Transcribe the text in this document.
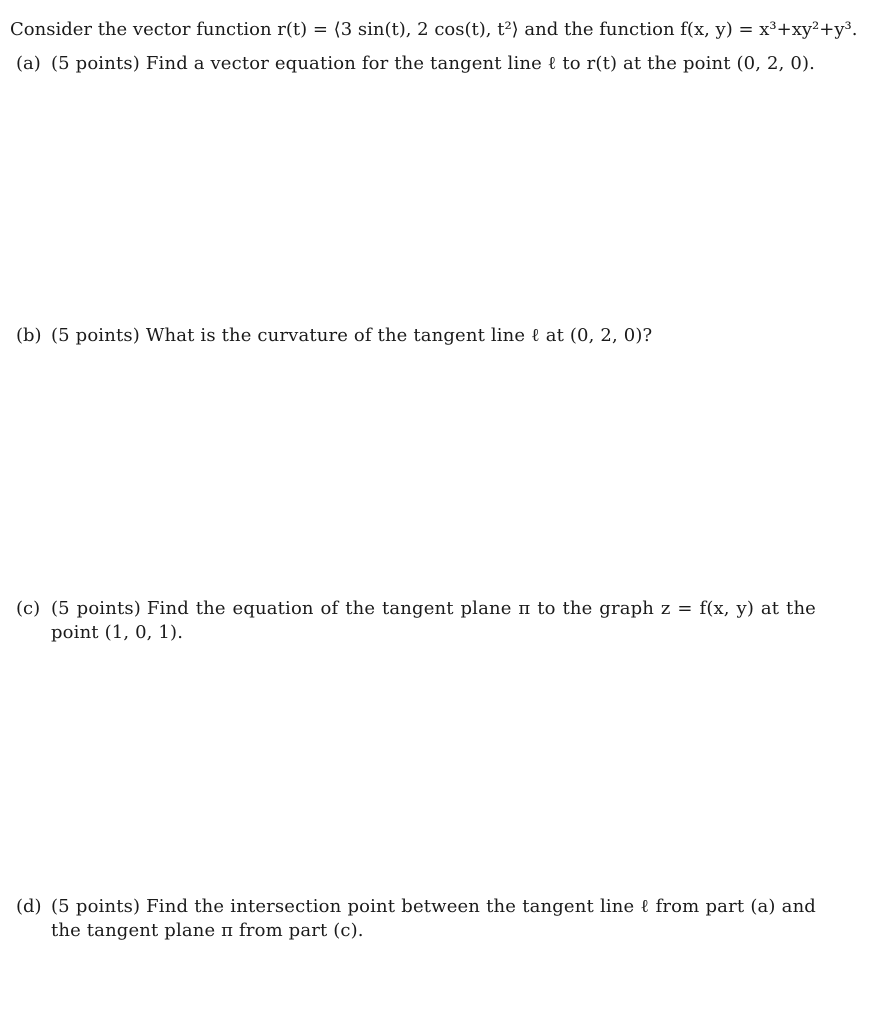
Consider the vector function r(t) = ⟨3 sin(t), 2 cos(t), t²⟩ and the function f(x, y) = x³+xy²+y³.
(a) (5 points) Find a vector equation for the tangent line ℓ to r(t) at the point (0, 2, 0).
(b) (5 points) What is the curvature of the tangent line ℓ at (0, 2, 0)?
(c) (5 points) Find the equation of the tangent plane π to the graph z = f(x, y) at the point (1, 0, 1).
(d) (5 points) Find the intersection point between the tangent line ℓ from part (a) and the tangent plane π from part (c).
